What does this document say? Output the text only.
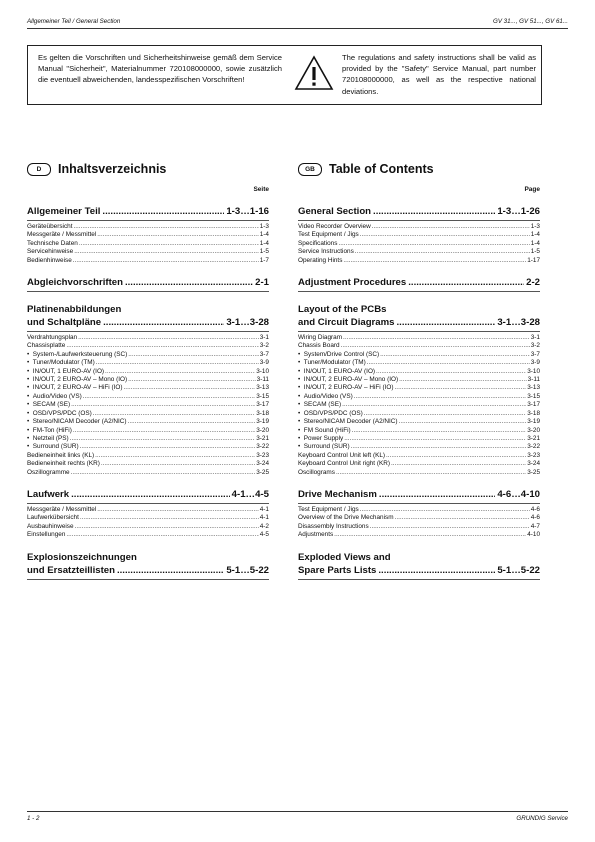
Allgemeiner Teil / General Section	GV 31..., GV 51..., GV 61...
Es gelten die Vorschriften und Sicherheitshinweise gemäß dem Service Manual "Sicherheit", Materialnummer 720108000000, sowie zusätzlich die eventuell abweichenden, landesspezifischen Vorschriften!
The regulations and safety instructions shall be valid as provided by the "Safety" Service Manual, part number 720108000000, as well as the respective national deviations.
D	Inhaltsverzeichnis
Seite
Allgemeiner Teil .....	1-3…1-16
Geräteübersicht .....	1-3
Messgeräte / Messmittel .....	1-4
Technische Daten .....	1-4
Servicehinweise .....	1-5
Bedienhinweise .....	1-7
Abgleichvorschriften .....	2-1
Platinenabbildungen
und Schaltpläne .....	3-1…3-28
Verdrahtungsplan .....	3-1
Chassisplatte .....	3-2
•  System-/Laufwerksteuerung (SC) .....	3-7
•  Tuner/Modulator (TM) .....	3-9
•  IN/OUT, 1 EURO-AV (IO) .....	3-10
•  IN/OUT, 2 EURO-AV – Mono (IO) .....	3-11
•  IN/OUT, 2 EURO-AV – HiFi (IO) .....	3-13
•  Audio/Video (VS) .....	3-15
•  SECAM (SE) .....	3-17
•  OSD/VPS/PDC (OS) .....	3-18
•  Stereo/NICAM Decoder (A2/NIC) .....	3-19
•  FM-Ton (HiFi) .....	3-20
•  Netzteil (PS) .....	3-21
•  Surround (SUR) .....	3-22
Bedieneinheit links (KL) .....	3-23
Bedieneinheit rechts (KR) .....	3-24
Oszillogramme .....	3-25
Laufwerk .....	4-1…4-5
Messgeräte / Messmittel .....	4-1
Laufwerkübersicht .....	4-1
Ausbauhinweise .....	4-2
Einstellungen .....	4-5
Explosionszeichnungen
und Ersatzteillisten .....	5-1…5-22
GB	Table of Contents
Page
General Section .....	1-3…1-26
Video Recorder Overview .....	1-3
Test Equipment / Jigs .....	1-4
Specifications .....	1-4
Service Instructions .....	1-5
Operating Hints .....	1-17
Adjustment Procedures .....	2-2
Layout of the PCBs
and Circuit Diagrams .....	3-1…3-28
Wiring Diagram .....	3-1
Chassis Board .....	3-2
•  System/Drive Control (SC) .....	3-7
•  Tuner/Modulator (TM) .....	3-9
•  IN/OUT, 1 EURO-AV (IO) .....	3-10
•  IN/OUT, 2 EURO-AV – Mono (IO) .....	3-11
•  IN/OUT, 2 EURO-AV – HiFi (IO) .....	3-13
•  Audio/Video (VS) .....	3-15
•  SECAM (SE) .....	3-17
•  OSD/VPS/PDC (OS) .....	3-18
•  Stereo/NICAM Decoder (A2/NIC) .....	3-19
•  FM Sound (HiFi) .....	3-20
•  Power Supply .....	3-21
•  Surround (SUR) .....	3-22
Keyboard Control Unit left (KL) .....	3-23
Keyboard Control Unit right (KR) .....	3-24
Oscillograms .....	3-25
Drive Mechanism .....	4-6…4-10
Test Equipment / Jigs .....	4-6
Overview of the Drive Mechanism .....	4-6
Disassembly Instructions .....	4-7
Adjustments .....	4-10
Exploded Views and
Spare Parts Lists .....	5-1…5-22
1 - 2	GRUNDIG Service
